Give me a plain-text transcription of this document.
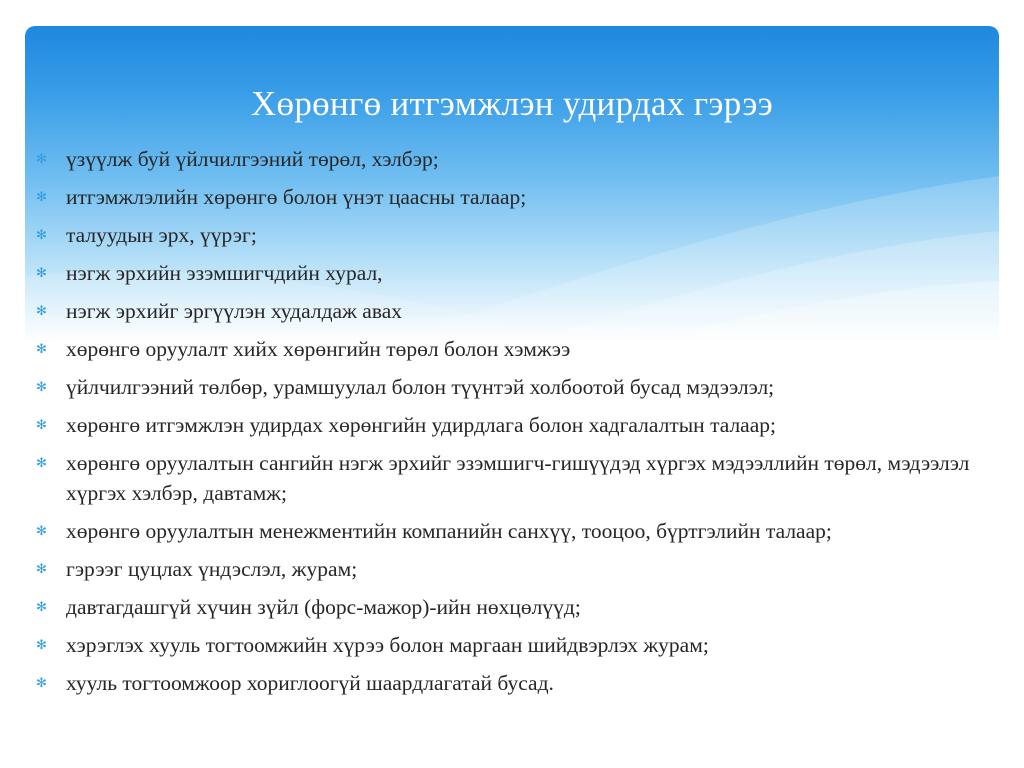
Хөрөнгө итгэмжлэн удирдах гэрээ
✻ үзүүлж буй үйлчилгээний төрөл, хэлбэр;
✻ итгэмжлэлийн хөрөнгө болон үнэт цаасны талаар;
✻ талуудын эрх, үүрэг;
✻ нэгж эрхийн эзэмшигчдийн хурал,
✻ нэгж эрхийг эргүүлэн худалдаж авах
✻ хөрөнгө оруулалт хийх хөрөнгийн төрөл болон хэмжээ
✻ үйлчилгээний төлбөр, урамшуулал болон түүнтэй холбоотой бусад мэдээлэл;
✻ хөрөнгө итгэмжлэн удирдах хөрөнгийн удирдлага болон хадгалалтын талаар;
✻ хөрөнгө оруулалтын сангийн нэгж эрхийг эзэмшигч-гишүүдэд хүргэх мэдээллийн төрөл, мэдээлэл хүргэх хэлбэр, давтамж;
✻ хөрөнгө оруулалтын менежментийн компанийн санхүү, тооцоо, бүртгэлийн талаар;
✻ гэрээг цуцлах үндэслэл, журам;
✻ давтагдашгүй хүчин зүйл (форс-мажор)-ийн нөхцөлүүд;
✻ хэрэглэх хууль тогтоомжийн хүрээ болон маргаан шийдвэрлэх журам;
✻ хууль тогтоомжоор хориглоогүй шаардлагатай бусад.
